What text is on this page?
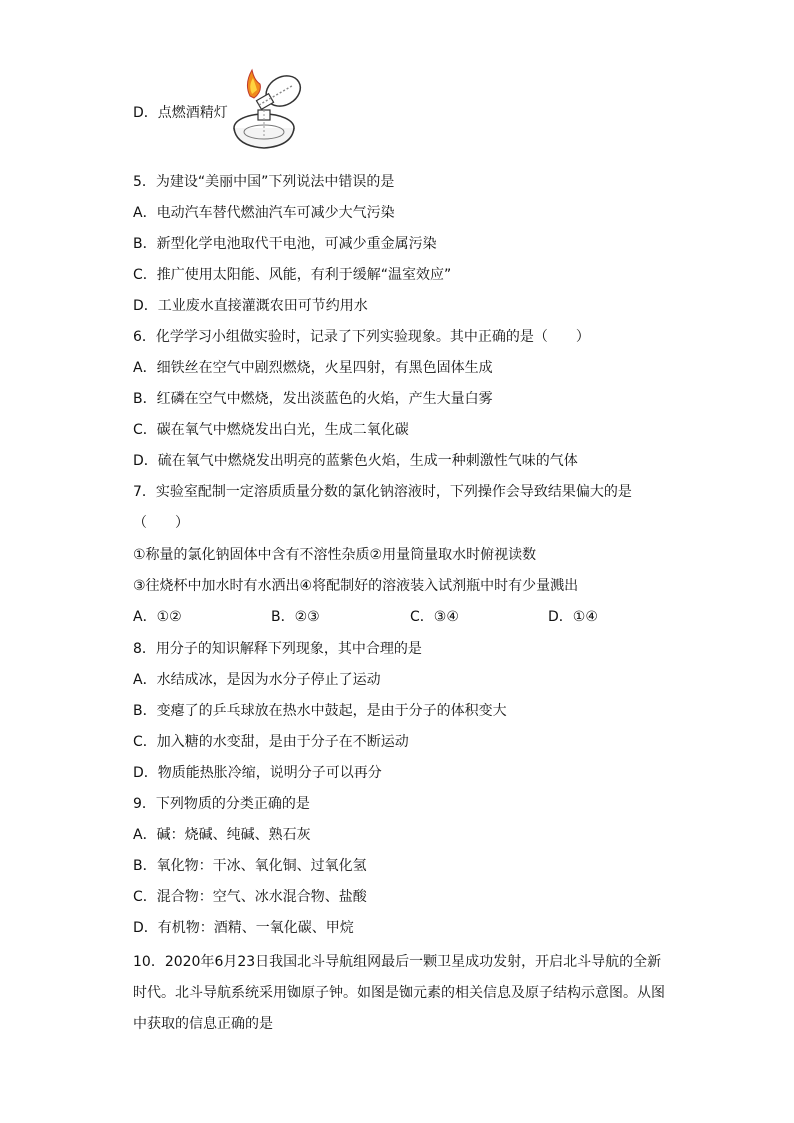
D．点燃酒精灯
5．为建设“美丽中国”下列说法中错误的是
A．电动汽车替代燃油汽车可减少大气污染
B．新型化学电池取代干电池，可减少重金属污染
C．推广使用太阳能、风能，有利于缓解“温室效应”
D．工业废水直接灌溉农田可节约用水
6．化学学习小组做实验时，记录了下列实验现象。其中正确的是（　　）
A．细铁丝在空气中剧烈燃烧，火星四射，有黑色固体生成
B．红磷在空气中燃烧，发出淡蓝色的火焰，产生大量白雾
C．碳在氧气中燃烧发出白光，生成二氧化碳
D．硫在氧气中燃烧发出明亮的蓝紫色火焰，生成一种刺激性气味的气体
7．实验室配制一定溶质质量分数的氯化钠溶液时，下列操作会导致结果偏大的是
（　　）
①称量的氯化钠固体中含有不溶性杂质②用量筒量取水时俯视读数
③往烧杯中加水时有水洒出④将配制好的溶液装入试剂瓶中时有少量溅出
A．①②	B．②③	C．③④	D．①④
8．用分子的知识解释下列现象，其中合理的是
A．水结成冰，是因为水分子停止了运动
B．变瘪了的乒乓球放在热水中鼓起，是由于分子的体积变大
C．加入糖的水变甜，是由于分子在不断运动
D．物质能热胀冷缩，说明分子可以再分
9．下列物质的分类正确的是
A．碱：烧碱、纯碱、熟石灰
B．氧化物：干冰、氧化铜、过氧化氢
C．混合物：空气、冰水混合物、盐酸
D．有机物：酒精、一氧化碳、甲烷
10．2020年6月23日我国北斗导航组网最后一颗卫星成功发射，开启北斗导航的全新
时代。北斗导航系统采用铷原子钟。如图是铷元素的相关信息及原子结构示意图。从图
中获取的信息正确的是
